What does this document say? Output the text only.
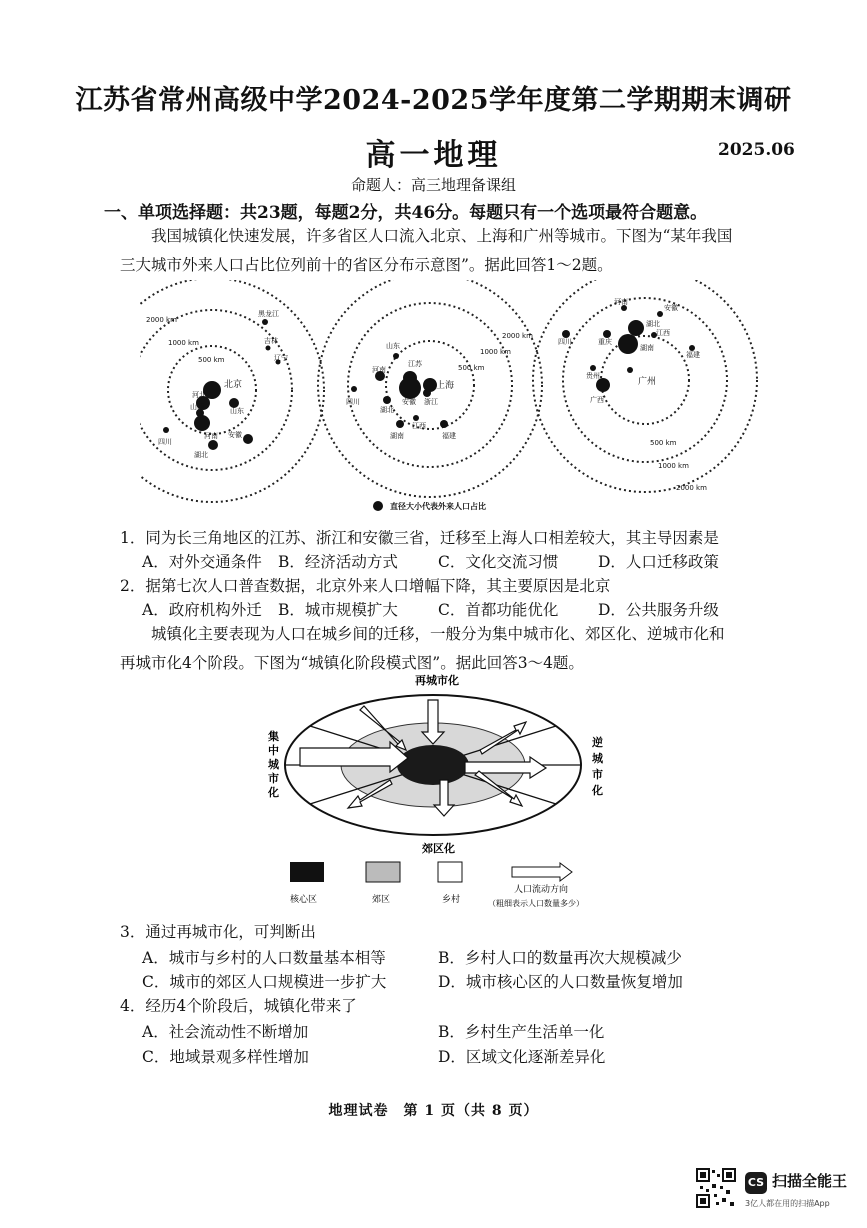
江苏省常州高级中学2024-2025学年度第二学期期末调研
高一地理	2025.06
命题人：高三地理备课组
一、单项选择题：共23题，每题2分，共46分。每题只有一个选项最符合题意。

我国城镇化快速发展，许多省区人口流入北京、上海和广州等城市。下图为“某年我国

三大城市外来人口占比位列前十的省区分布示意图”。据此回答1～2题。

2000 km
1000 km
500 km
北京
黑龙江
吉林
辽宁
河北
山西	山东
河南 安徽
四川
湖北
2000 km
1000 km
500 km
江苏
山东
河南
安徽
上海
浙江
四川
湖北
江西
湖南	福建
500 km
1000 km
2000 km
河南
安徽
四川	重庆
湖北
江西
湖南
福建
贵州
广西
广州
直径大小代表外来人口占比
1．同为长三角地区的江苏、浙江和安徽三省，迁移至上海人口相差较大，其主导因素是
A．对外交通条件 B．经济活动方式	C．文化交流习惯	D．人口迁移政策
2．据第七次人口普查数据，北京外来人口增幅下降，其主要原因是北京
A．政府机构外迁 B．城市规模扩大	C．首都功能优化	D．公共服务升级

城镇化主要表现为人口在城乡间的迁移，一般分为集中城市化、郊区化、逆城市化和

再城市化4个阶段。下图为“城镇化阶段模式图”。据此回答3～4题。

再城市化
郊区化
集
中
城
市
化
逆
城
市
化
核心区	郊区	乡村
人口流动方向
（粗细表示人口数量多少）
3．通过再城市化，可判断出
A．城市与乡村的人口数量基本相等	B．乡村人口的数量再次大规模减少
C．城市的郊区人口规模进一步扩大	D．城市核心区的人口数量恢复增加
4．经历4个阶段后，城镇化带来了
A．社会流动性不断增加	B．乡村生产生活单一化
C．地域景观多样性增加	D．区域文化逐渐差异化
地理试卷　第 1 页（共 8 页）
CS 扫描全能王
3亿人都在用的扫描App
